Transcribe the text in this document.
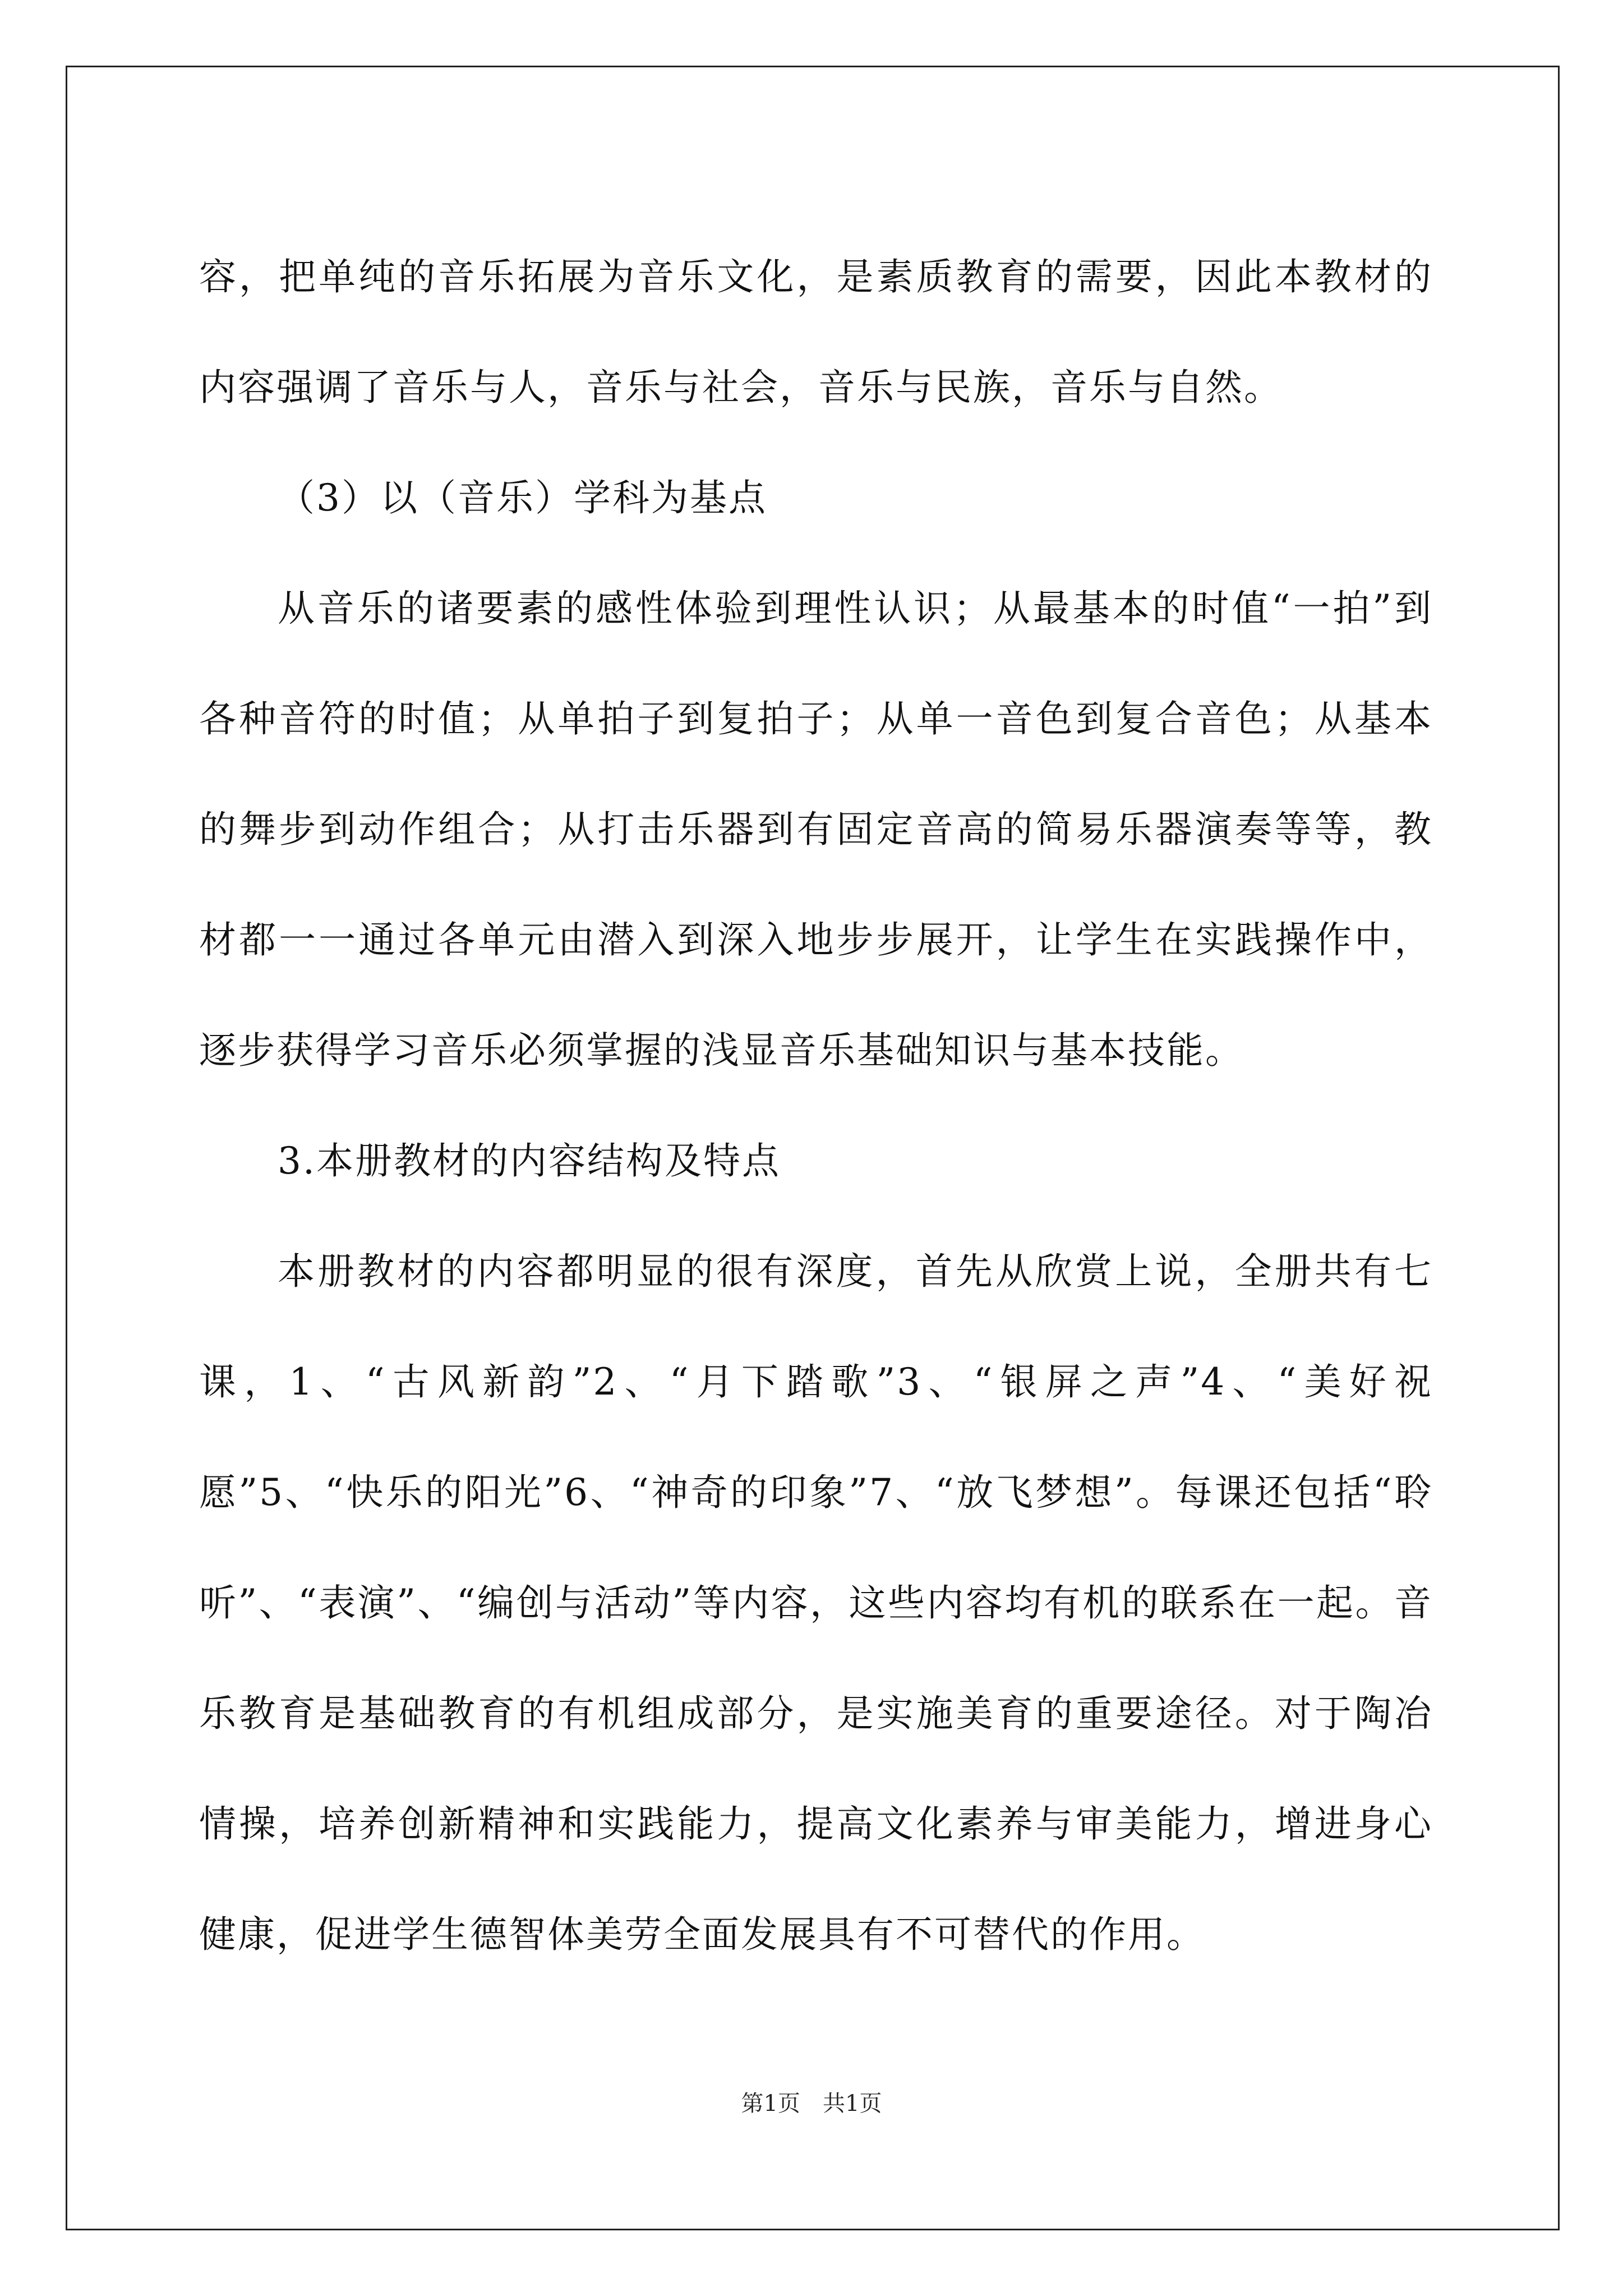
容，把单纯的音乐拓展为音乐文化，是素质教育的需要，因此本教材的内容强调了音乐与人，音乐与社会，音乐与民族，音乐与自然。

（3）以（音乐）学科为基点

从音乐的诸要素的感性体验到理性认识；从最基本的时值“一拍”到各种音符的时值；从单拍子到复拍子；从单一音色到复合音色；从基本的舞步到动作组合；从打击乐器到有固定音高的简易乐器演奏等等，教材都一一通过各单元由潜入到深入地步步展开，让学生在实践操作中，逐步获得学习音乐必须掌握的浅显音乐基础知识与基本技能。

3.本册教材的内容结构及特点

本册教材的内容都明显的很有深度，首先从欣赏上说，全册共有七课，1、“古风新韵”2、“月下踏歌”3、“银屏之声”4、“美好祝愿”5、“快乐的阳光”6、“神奇的印象”7、“放飞梦想”。每课还包括“聆听”、“表演”、“编创与活动”等内容，这些内容均有机的联系在一起。音乐教育是基础教育的有机组成部分，是实施美育的重要途径。对于陶冶情操，培养创新精神和实践能力，提高文化素养与审美能力，增进身心健康，促进学生德智体美劳全面发展具有不可替代的作用。

第1页 共1页
